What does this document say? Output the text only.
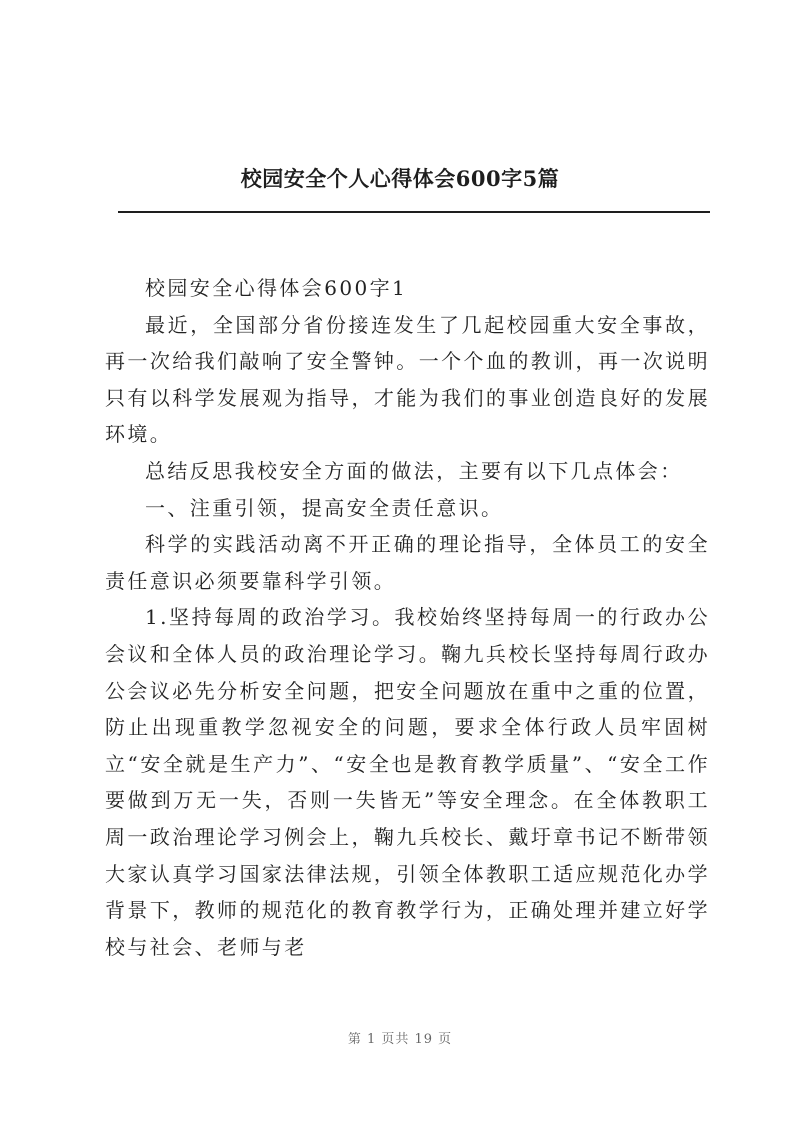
校园安全个人心得体会600字5篇

校园安全心得体会600字1

最近，全国部分省份接连发生了几起校园重大安全事故，再一次给我们敲响了安全警钟。一个个血的教训，再一次说明只有以科学发展观为指导，才能为我们的事业创造良好的发展环境。

总结反思我校安全方面的做法，主要有以下几点体会：

一、注重引领，提高安全责任意识。

科学的实践活动离不开正确的理论指导，全体员工的安全责任意识必须要靠科学引领。

1.坚持每周的政治学习。我校始终坚持每周一的行政办公会议和全体人员的政治理论学习。鞠九兵校长坚持每周行政办公会议必先分析安全问题，把安全问题放在重中之重的位置，防止出现重教学忽视安全的问题，要求全体行政人员牢固树立“安全就是生产力”、“安全也是教育教学质量”、“安全工作要做到万无一失，否则一失皆无”等安全理念。在全体教职工周一政治理论学习例会上，鞠九兵校长、戴圩章书记不断带领大家认真学习国家法律法规，引领全体教职工适应规范化办学背景下，教师的规范化的教育教学行为，正确处理并建立好学校与社会、老师与老

第 1 页共 19 页
